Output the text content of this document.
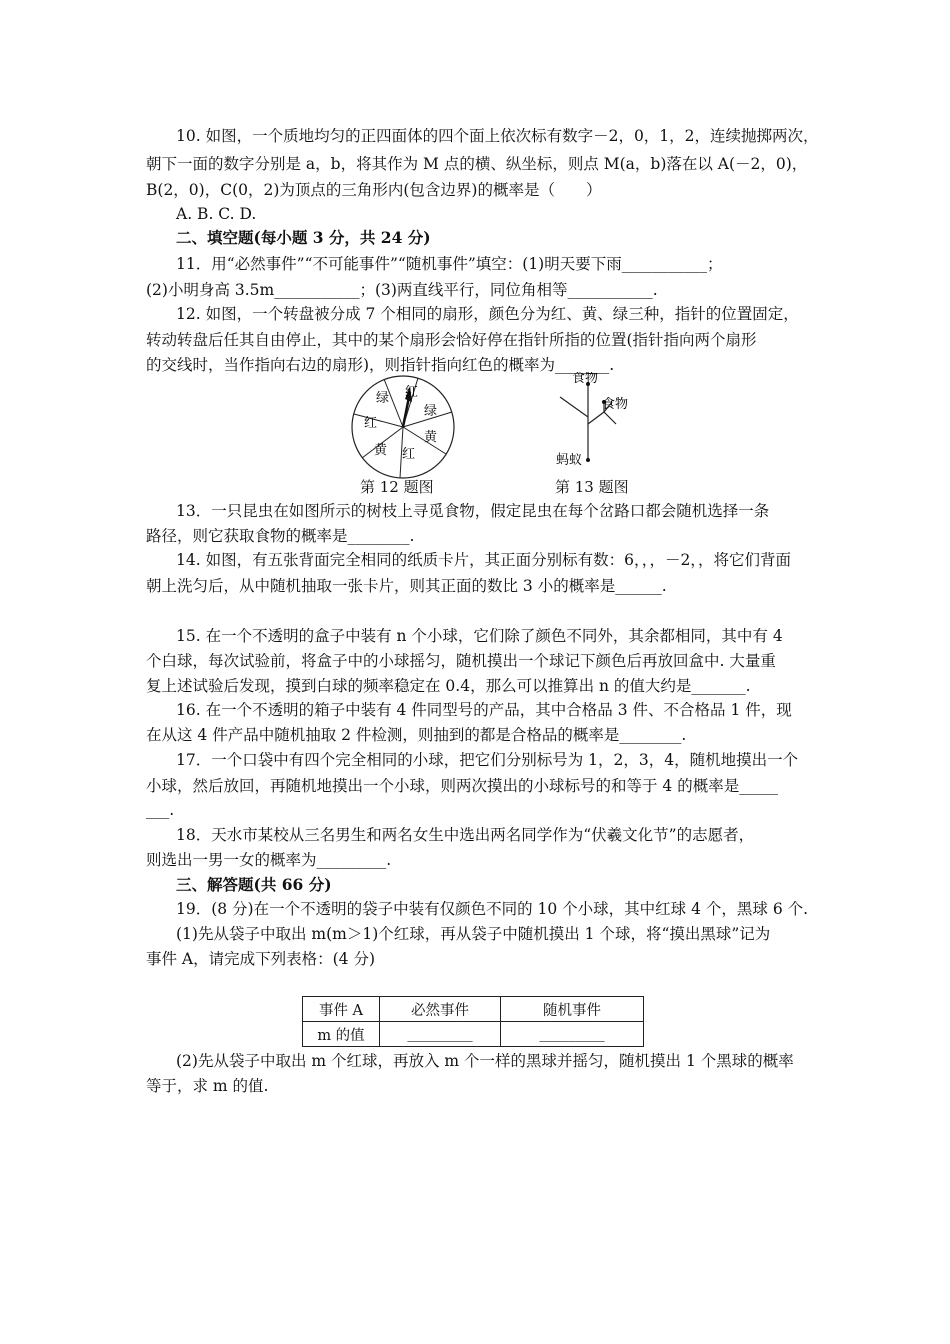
10. 如图，一个质地均匀的正四面体的四个面上依次标有数字－2，0，1，2，连续抛掷两次，
朝下一面的数字分别是 a，b，将其作为 M 点的横、纵坐标，则点 M(a，b)落在以 A(－2，0)，
B(2，0)，C(0，2)为顶点的三角形内(包含边界)的概率是（　　）
A. B. C. D.
二、填空题(每小题 3 分，共 24 分)
11．用“必然事件”“不可能事件”“随机事件”填空：(1)明天要下雨___________；
(2)小明身高 3.5m___________；(3)两直线平行，同位角相等___________.
12. 如图，一个转盘被分成 7 个相同的扇形，颜色分为红、黄、绿三种，指针的位置固定，
转动转盘后任其自由停止，其中的某个扇形会恰好停在指针所指的位置(指针指向两个扇形
的交线时，当作指向右边的扇形)，则指针指向红色的概率为_______.
红
绿
红
黄 红
黄
绿
第 12 题图
食物
食物
蚂蚁
第 13 题图
13．一只昆虫在如图所示的树枝上寻觅食物，假定昆虫在每个岔路口都会随机选择一条
路径，则它获取食物的概率是________.
14. 如图，有五张背面完全相同的纸质卡片，其正面分别标有数：6，，，－2，，将它们背面
朝上洗匀后，从中随机抽取一张卡片，则其正面的数比 3 小的概率是______.
15. 在一个不透明的盒子中装有 n 个小球，它们除了颜色不同外，其余都相同，其中有 4
个白球，每次试验前，将盒子中的小球摇匀，随机摸出一个球记下颜色后再放回盒中. 大量重
复上述试验后发现，摸到白球的频率稳定在 0.4，那么可以推算出 n 的值大约是_______.
16. 在一个不透明的箱子中装有 4 件同型号的产品，其中合格品 3 件、不合格品 1 件，现
在从这 4 件产品中随机抽取 2 件检测，则抽到的都是合格品的概率是________.
17．一个口袋中有四个完全相同的小球，把它们分别标号为 1，2，3，4，随机地摸出一个
小球，然后放回，再随机地摸出一个小球，则两次摸出的小球标号的和等于 4 的概率是_____
___.
18．天水市某校从三名男生和两名女生中选出两名同学作为“伏羲文化节”的志愿者，
则选出一男一女的概率为_________.
三、解答题(共 66 分)
19．(8 分)在一个不透明的袋子中装有仅颜色不同的 10 个小球，其中红球 4 个，黑球 6 个.
(1)先从袋子中取出 m(m＞1)个红球，再从袋子中随机摸出 1 个球，将“摸出黑球”记为
事件 A，请完成下列表格：(4 分)
事件 A	必然事件	随机事件
m 的值	_________	_________
(2)先从袋子中取出 m 个红球，再放入 m 个一样的黑球并摇匀，随机摸出 1 个黑球的概率
等于，求 m 的值.
